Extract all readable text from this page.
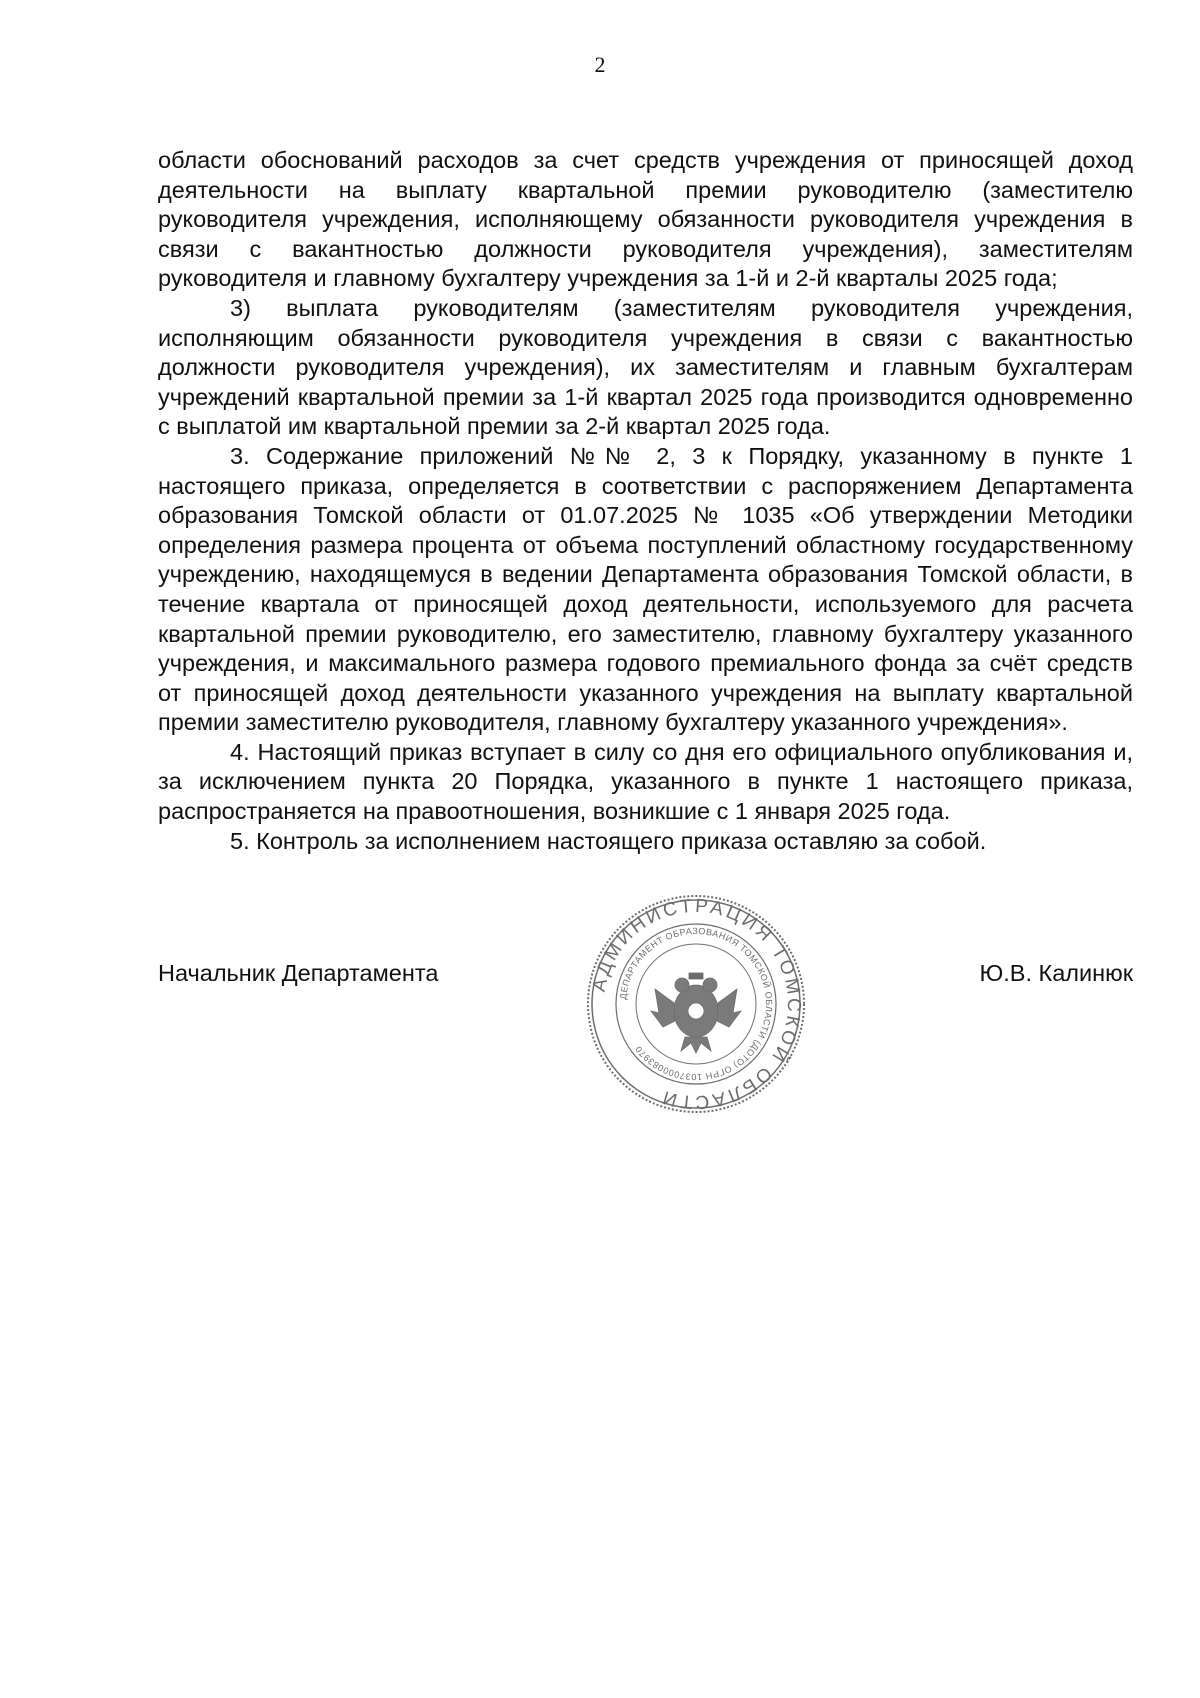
2

области обоснований расходов за счет средств учреждения от приносящей доход деятельности на выплату квартальной премии руководителю (заместителю руководителя учреждения, исполняющему обязанности руководителя учреждения в связи с вакантностью должности руководителя учреждения), заместителям руководителя и главному бухгалтеру учреждения за 1-й и 2-й кварталы 2025 года;

3) выплата руководителям (заместителям руководителя учреждения, исполняющим обязанности руководителя учреждения в связи с вакантностью должности руководителя учреждения), их заместителям и главным бухгалтерам учреждений квартальной премии за 1-й квартал 2025 года производится одновременно с выплатой им квартальной премии за 2-й квартал 2025 года.

3. Содержание приложений №№ 2, 3 к Порядку, указанному в пункте 1 настоящего приказа, определяется в соответствии с распоряжением Департамента образования Томской области от 01.07.2025 № 1035 «Об утверждении Методики определения размера процента от объема поступлений областному государственному учреждению, находящемуся в ведении Департамента образования Томской области, в течение квартала от приносящей доход деятельности, используемого для расчета квартальной премии руководителю, его заместителю, главному бухгалтеру указанного учреждения, и максимального размера годового премиального фонда за счёт средств от приносящей доход деятельности указанного учреждения на выплату квартальной премии заместителю руководителя, главному бухгалтеру указанного учреждения».

4. Настоящий приказ вступает в силу со дня его официального опубликования и, за исключением пункта 20 Порядка, указанного в пункте 1 настоящего приказа, распространяется на правоотношения, возникшие с 1 января 2025 года.

5. Контроль за исполнением настоящего приказа оставляю за собой.

Начальник Департамента	Ю.В. Калинюк
АДМИНИСТРАЦИЯ ТОМСКОЙ ОБЛАСТИ
ДЕПАРТАМЕНТ ОБРАЗОВАНИЯ ТОМСКОЙ ОБЛАСТИ (ДОТО) ОГРН 1037000083970
